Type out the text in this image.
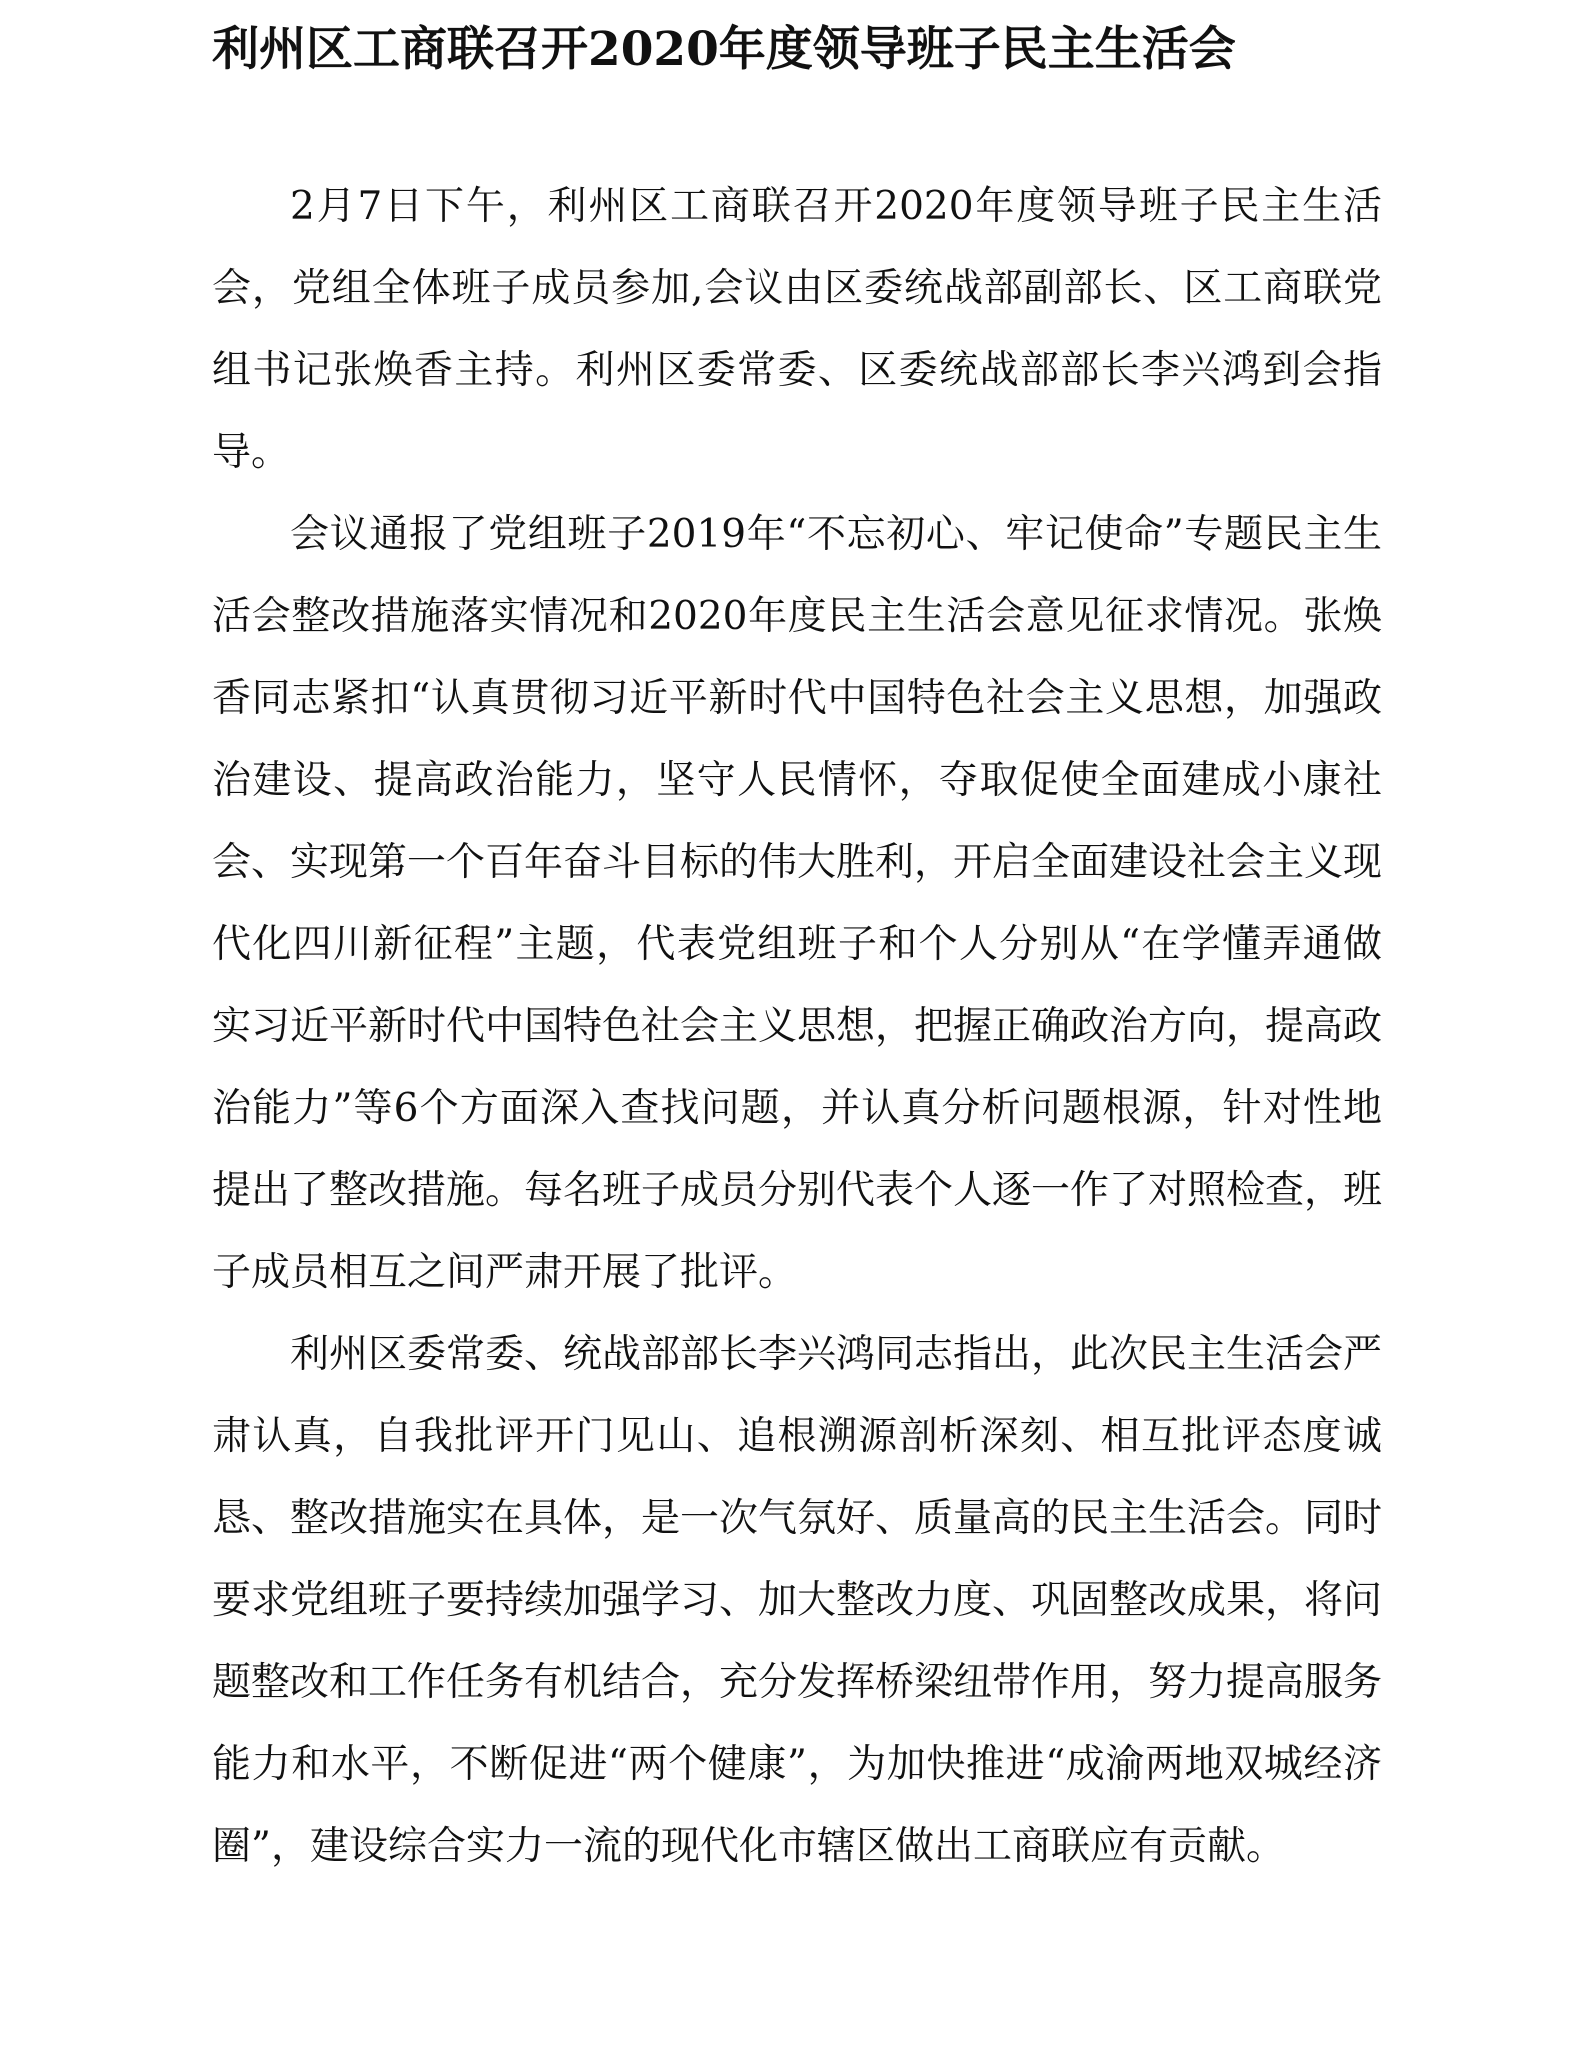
利州区工商联召开2020年度领导班子民主生活会

2月7日下午，利州区工商联召开2020年度领导班子民主生活会，党组全体班子成员参加,会议由区委统战部副部长、区工商联党组书记张焕香主持。利州区委常委、区委统战部部长李兴鸿到会指导。

会议通报了党组班子2019年“不忘初心、牢记使命”专题民主生活会整改措施落实情况和2020年度民主生活会意见征求情况。张焕香同志紧扣“认真贯彻习近平新时代中国特色社会主义思想，加强政治建设、提高政治能力，坚守人民情怀，夺取促使全面建成小康社会、实现第一个百年奋斗目标的伟大胜利，开启全面建设社会主义现代化四川新征程”主题，代表党组班子和个人分别从“在学懂弄通做实习近平新时代中国特色社会主义思想，把握正确政治方向，提高政治能力”等6个方面深入查找问题，并认真分析问题根源，针对性地提出了整改措施。每名班子成员分别代表个人逐一作了对照检查，班子成员相互之间严肃开展了批评。

利州区委常委、统战部部长李兴鸿同志指出，此次民主生活会严肃认真，自我批评开门见山、追根溯源剖析深刻、相互批评态度诚恳、整改措施实在具体，是一次气氛好、质量高的民主生活会。同时要求党组班子要持续加强学习、加大整改力度、巩固整改成果，将问题整改和工作任务有机结合，充分发挥桥梁纽带作用，努力提高服务能力和水平，不断促进“两个健康”，为加快推进“成渝两地双城经济圈”，建设综合实力一流的现代化市辖区做出工商联应有贡献。
